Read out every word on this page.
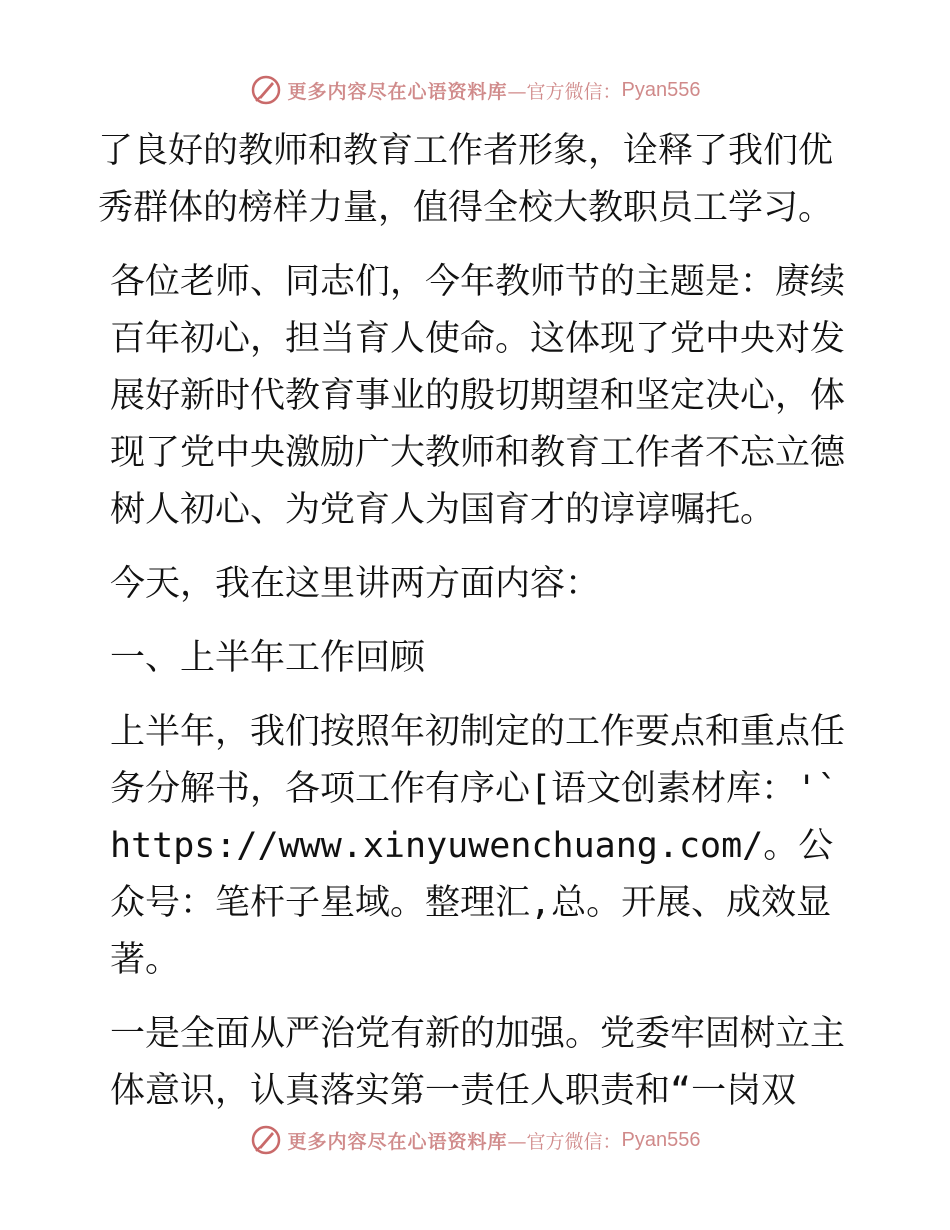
更多内容尽在心语资料库 —官方微信： Pyan556

了良好的教师和教育工作者形象，诠释了我们优秀群体的榜样力量，值得全校大教职员工学习。

各位老师、同志们，今年教师节的主题是：赓续百年初心，担当育人使命。这体现了党中央对发展好新时代教育事业的殷切期望和坚定决心，体现了党中央激励广大教师和教育工作者不忘立德树人初心、为党育人为国育才的谆谆嘱托。

今天，我在这里讲两方面内容：

一、上半年工作回顾

上半年，我们按照年初制定的工作要点和重点任务分解书，各项工作有序心[语文创素材库：'`https://www.xinyuwenchuang.com/。公众号：笔杆子星域。整理汇,总。开展、成效显著。

一是全面从严治党有新的加强。党委牢固树立主体意识，认真落实第一责任人职责和“一岗双

更多内容尽在心语资料库 —官方微信： Pyan556
